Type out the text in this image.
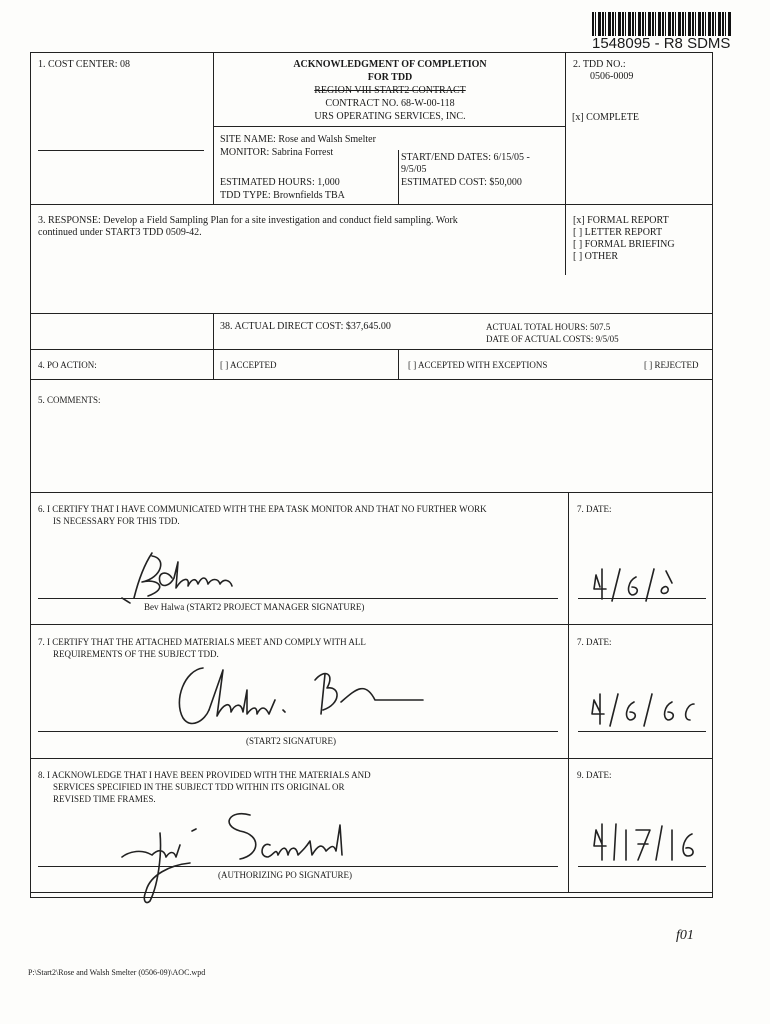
1548095 - R8 SDMS
1. COST CENTER: 08	ACKNOWLEDGMENT OF COMPLETION
FOR TDD
REGION VIII START2 CONTRACT
CONTRACT NO. 68-W-00-118
URS OPERATING SERVICES, INC.
2. TDD NO.:
0506-0009
[x] COMPLETE
SITE NAME: Rose and Walsh Smelter
MONITOR: Sabrina Forrest	START/END DATES: 6/15/05 -
9/5/05
ESTIMATED HOURS: 1,000	ESTIMATED COST: $50,000
TDD TYPE: Brownfields TBA
3. RESPONSE: Develop a Field Sampling Plan for a site investigation and conduct field sampling. Work
continued under START3 TDD 0509-42.
[x] FORMAL REPORT
[ ] LETTER REPORT
[ ] FORMAL BRIEFING
[ ] OTHER
38. ACTUAL DIRECT COST: $37,645.00	ACTUAL TOTAL HOURS: 507.5
DATE OF ACTUAL COSTS: 9/5/05
4. PO ACTION:	[ ] ACCEPTED	[ ] ACCEPTED WITH EXCEPTIONS	[ ] REJECTED
5. COMMENTS:
6. I CERTIFY THAT I HAVE COMMUNICATED WITH THE EPA TASK MONITOR AND THAT NO FURTHER WORK
IS NECESSARY FOR THIS TDD.
7. DATE:
Bev Halwa (START2 PROJECT MANAGER SIGNATURE)
7. I CERTIFY THAT THE ATTACHED MATERIALS MEET AND COMPLY WITH ALL
REQUIREMENTS OF THE SUBJECT TDD.
7. DATE:
(START2 SIGNATURE)
8. I ACKNOWLEDGE THAT I HAVE BEEN PROVIDED WITH THE MATERIALS AND
SERVICES SPECIFIED IN THE SUBJECT TDD WITHIN ITS ORIGINAL OR
REVISED TIME FRAMES.
9. DATE:
(AUTHORIZING PO SIGNATURE)
P:\Start2\Rose and Walsh Smelter (0506-09)\AOC.wpd
f01
